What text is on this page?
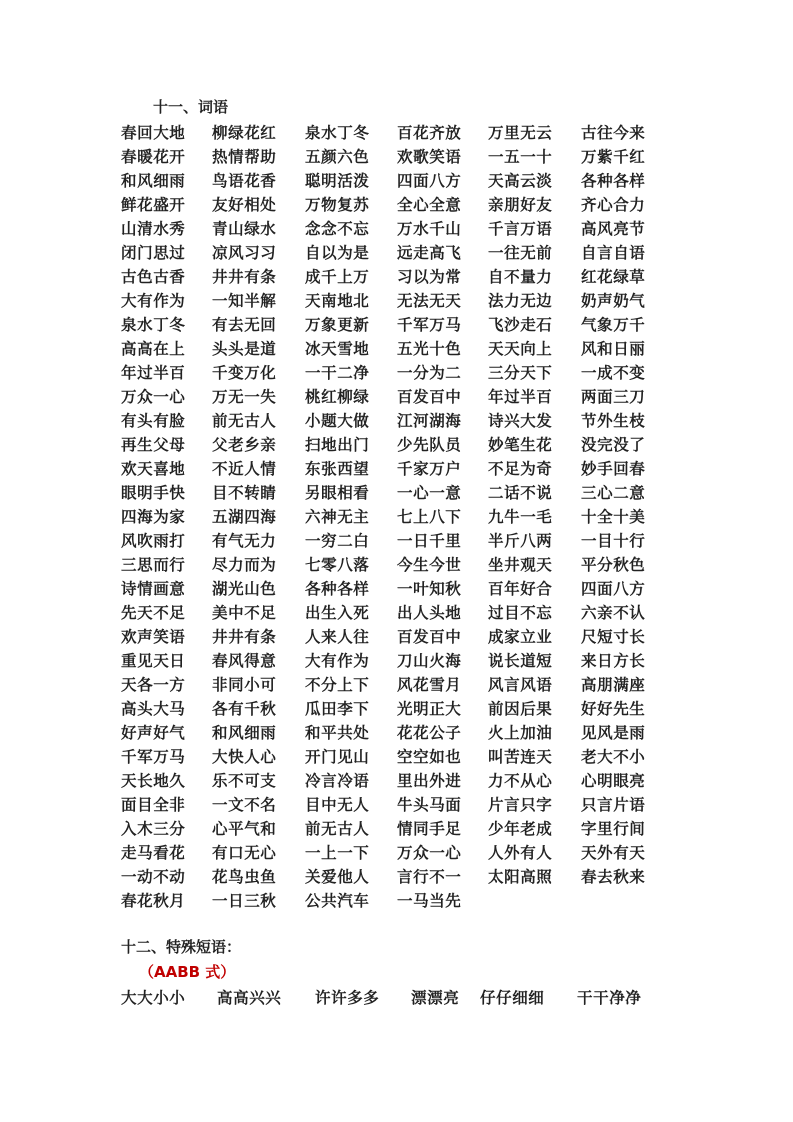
十一、词语
春回大地 柳绿花红 泉水丁冬 百花齐放 万里无云 古往今来
春暖花开 热情帮助 五颜六色 欢歌笑语 一五一十 万紫千红
和风细雨 鸟语花香 聪明活泼 四面八方 天高云淡 各种各样
鲜花盛开 友好相处 万物复苏 全心全意 亲朋好友 齐心合力
山清水秀 青山绿水 念念不忘 万水千山 千言万语 高风亮节
闭门思过 凉风习习 自以为是 远走高飞 一往无前 自言自语
古色古香 井井有条 成千上万 习以为常 自不量力 红花绿草
大有作为 一知半解 天南地北 无法无天 法力无边 奶声奶气
泉水丁冬 有去无回 万象更新 千军万马 飞沙走石 气象万千
高高在上 头头是道 冰天雪地 五光十色 天天向上 风和日丽
年过半百 千变万化 一干二净 一分为二 三分天下 一成不变
万众一心 万无一失 桃红柳绿 百发百中 年过半百 两面三刀
有头有脸 前无古人 小题大做 江河湖海 诗兴大发 节外生枝
再生父母 父老乡亲 扫地出门 少先队员 妙笔生花 没完没了
欢天喜地 不近人情 东张西望 千家万户 不足为奇 妙手回春
眼明手快 目不转睛 另眼相看 一心一意 二话不说 三心二意
四海为家 五湖四海 六神无主 七上八下 九牛一毛 十全十美
风吹雨打 有气无力 一穷二白 一日千里 半斤八两 一目十行
三思而行 尽力而为 七零八落 今生今世 坐井观天 平分秋色
诗情画意 湖光山色 各种各样 一叶知秋 百年好合 四面八方
先天不足 美中不足 出生入死 出人头地 过目不忘 六亲不认
欢声笑语 井井有条 人来人往 百发百中 成家立业 尺短寸长
重见天日 春风得意 大有作为 刀山火海 说长道短 来日方长
天各一方 非同小可 不分上下 风花雪月 风言风语 高朋满座
高头大马 各有千秋 瓜田李下 光明正大 前因后果 好好先生
好声好气 和风细雨 和平共处 花花公子 火上加油 见风是雨
千军万马 大快人心 开门见山 空空如也 叫苦连天 老大不小
天长地久 乐不可支 冷言冷语 里出外进 力不从心 心明眼亮
面目全非 一文不名 目中无人 牛头马面 片言只字 只言片语
入木三分 心平气和 前无古人 情同手足 少年老成 字里行间
走马看花 有口无心 一上一下 万众一心 人外有人 天外有天
一动不动 花鸟虫鱼 关爱他人 言行不一 太阳高照 春去秋来
春花秋月 一日三秋 公共汽车 一马当先
十二、特殊短语：
（AABB 式）
大大小小 高高兴兴 许许多多 漂漂亮 仔仔细细 干干净净
